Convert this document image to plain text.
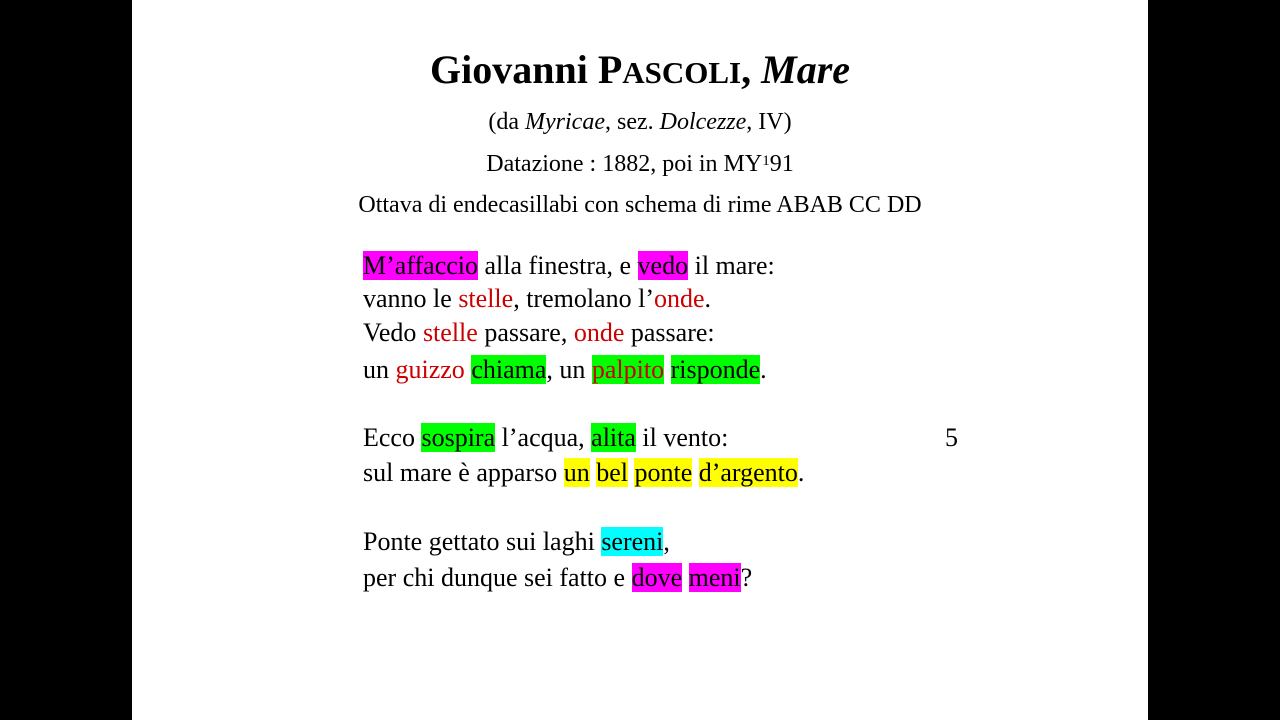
Giovanni PASCOLI, Mare
(da Myricae, sez. Dolcezze, IV)
Datazione : 1882, poi in $MY^191$
Ottava di endecasillabi con schema di rime ABAB CC DD
M’affaccio alla finestra, e vedo il mare:
vanno le stelle, tremolano l’onde.
Vedo stelle passare, onde passare:
un guizzo chiama, un palpito risponde.
Ecco sospira l’acqua, alita il vento:
sul mare è apparso un bel ponte d’argento.
Ponte gettato sui laghi sereni,
per chi dunque sei fatto e dove meni?
5
